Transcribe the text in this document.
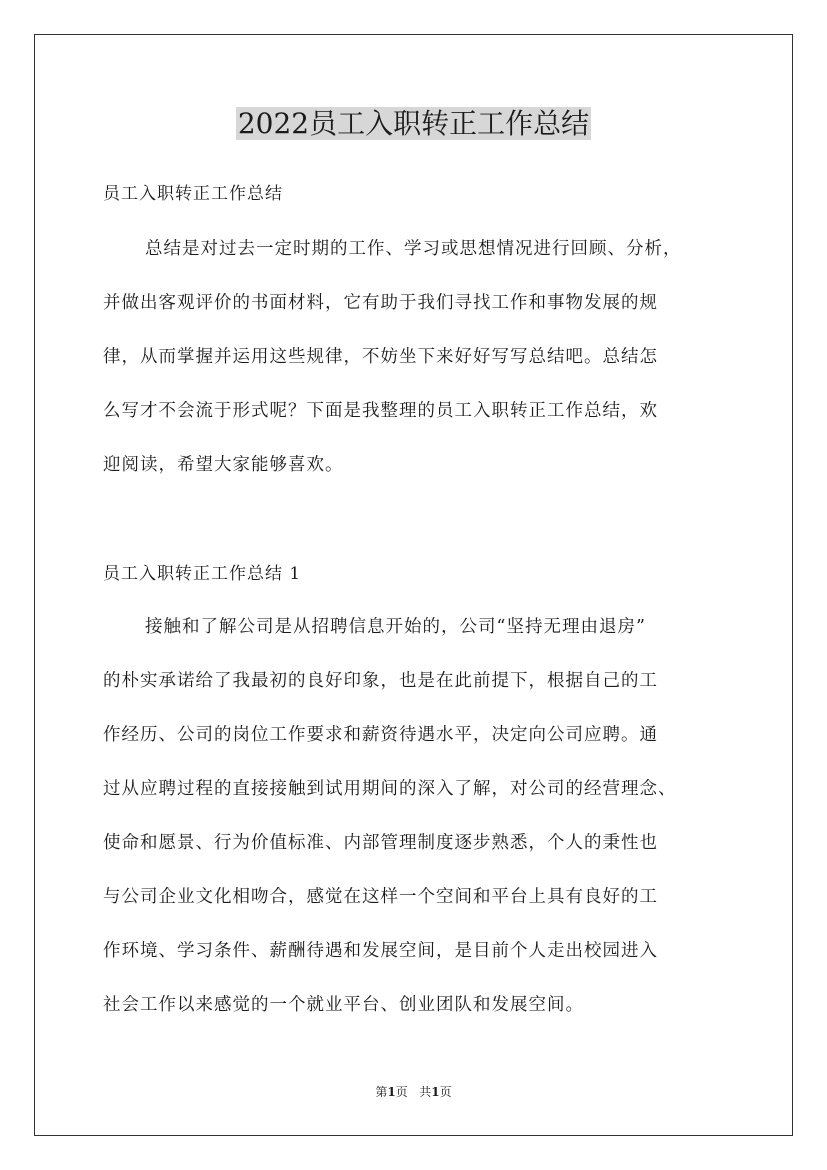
2022员工入职转正工作总结

员工入职转正工作总结

总结是对过去一定时期的工作、学习或思想情况进行回顾、分析，
并做出客观评价的书面材料，它有助于我们寻找工作和事物发展的规
律，从而掌握并运用这些规律，不妨坐下来好好写写总结吧。总结怎
么写才不会流于形式呢？下面是我整理的员工入职转正工作总结，欢
迎阅读，希望大家能够喜欢。

员工入职转正工作总结 1

接触和了解公司是从招聘信息开始的，公司“坚持无理由退房”
的朴实承诺给了我最初的良好印象，也是在此前提下，根据自己的工
作经历、公司的岗位工作要求和薪资待遇水平，决定向公司应聘。通
过从应聘过程的直接接触到试用期间的深入了解，对公司的经营理念、
使命和愿景、行为价值标准、内部管理制度逐步熟悉，个人的秉性也
与公司企业文化相吻合，感觉在这样一个空间和平台上具有良好的工
作环境、学习条件、薪酬待遇和发展空间，是目前个人走出校园进入
社会工作以来感觉的一个就业平台、创业团队和发展空间。
第1页 共1页
